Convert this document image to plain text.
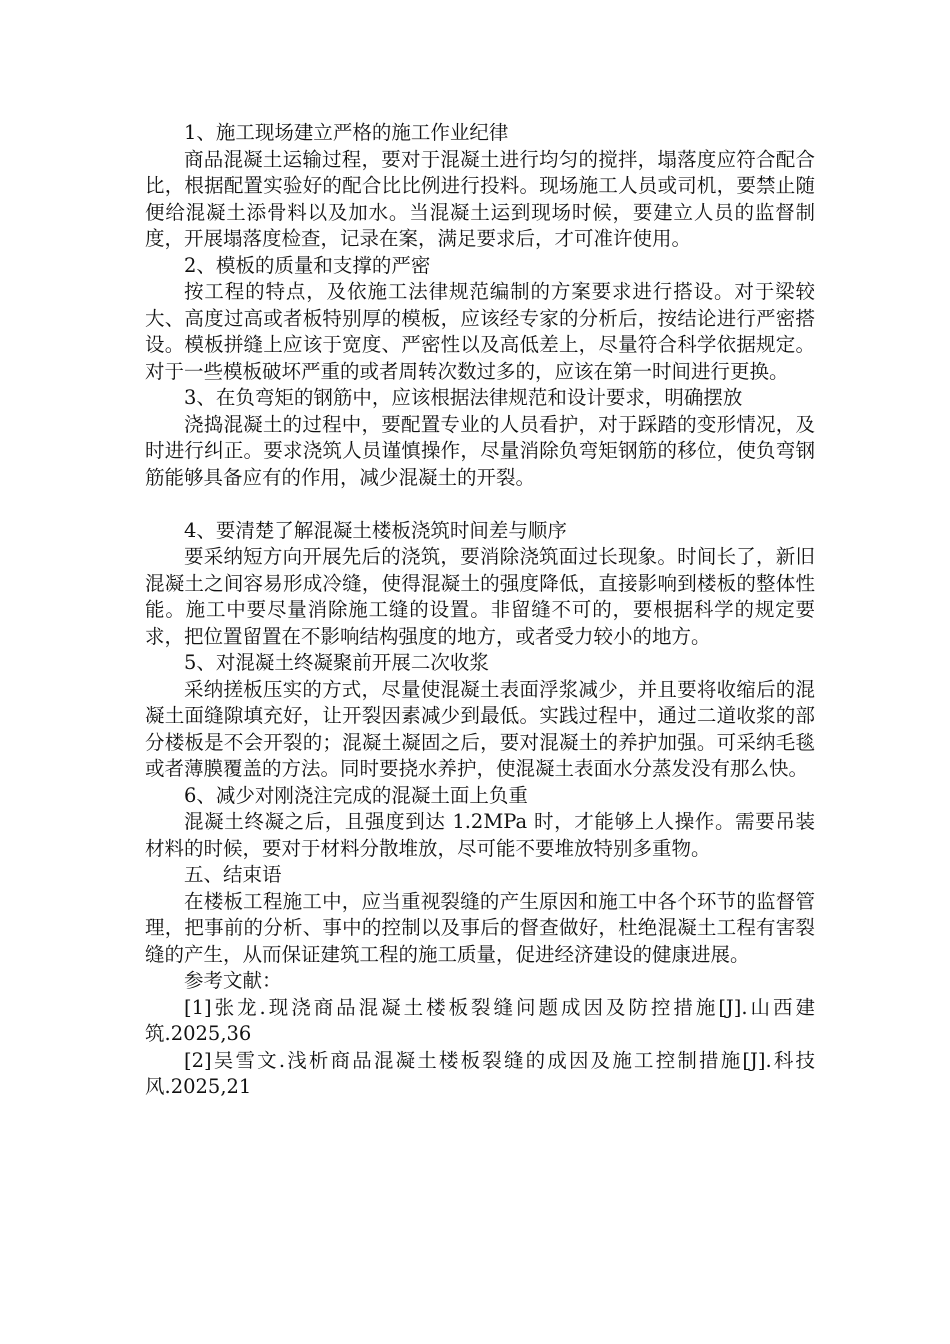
1、施工现场建立严格的施工作业纪律

商品混凝土运输过程，要对于混凝土进行均匀的搅拌，塌落度应符合配合比，根据配置实验好的配合比比例进行投料。现场施工人员或司机，要禁止随便给混凝土添骨料以及加水。当混凝土运到现场时候，要建立人员的监督制度，开展塌落度检查，记录在案，满足要求后，才可准许使用。

2、模板的质量和支撑的严密

按工程的特点，及依施工法律规范编制的方案要求进行搭设。对于梁较大、高度过高或者板特别厚的模板，应该经专家的分析后，按结论进行严密搭设。模板拼缝上应该于宽度、严密性以及高低差上，尽量符合科学依据规定。对于一些模板破坏严重的或者周转次数过多的，应该在第一时间进行更换。

3、在负弯矩的钢筋中，应该根据法律规范和设计要求，明确摆放

浇捣混凝土的过程中，要配置专业的人员看护，对于踩踏的变形情况，及时进行纠正。要求浇筑人员谨慎操作，尽量消除负弯矩钢筋的移位，使负弯钢筋能够具备应有的作用，减少混凝土的开裂。

4、要清楚了解混凝土楼板浇筑时间差与顺序

要采纳短方向开展先后的浇筑，要消除浇筑面过长现象。时间长了，新旧混凝土之间容易形成冷缝，使得混凝土的强度降低，直接影响到楼板的整体性能。施工中要尽量消除施工缝的设置。非留缝不可的，要根据科学的规定要求，把位置留置在不影响结构强度的地方，或者受力较小的地方。

5、对混凝土终凝聚前开展二次收浆

采纳搓板压实的方式，尽量使混凝土表面浮浆减少，并且要将收缩后的混凝土面缝隙填充好，让开裂因素减少到最低。实践过程中，通过二道收浆的部分楼板是不会开裂的；混凝土凝固之后，要对混凝土的养护加强。可采纳毛毯或者薄膜覆盖的方法。同时要挠水养护，使混凝土表面水分蒸发没有那么快。

6、减少对刚浇注完成的混凝土面上负重

混凝土终凝之后，且强度到达 1.2MPa 时，才能够上人操作。需要吊装材料的时候，要对于材料分散堆放，尽可能不要堆放特别多重物。

五、结束语

在楼板工程施工中，应当重视裂缝的产生原因和施工中各个环节的监督管理，把事前的分析、事中的控制以及事后的督查做好，杜绝混凝土工程有害裂缝的产生，从而保证建筑工程的施工质量，促进经济建设的健康进展。

参考文献：

[1]张龙.现浇商品混凝土楼板裂缝问题成因及防控措施[J].山西建筑.2025,36

[2]吴雪文.浅析商品混凝土楼板裂缝的成因及施工控制措施[J].科技风.2025,21
